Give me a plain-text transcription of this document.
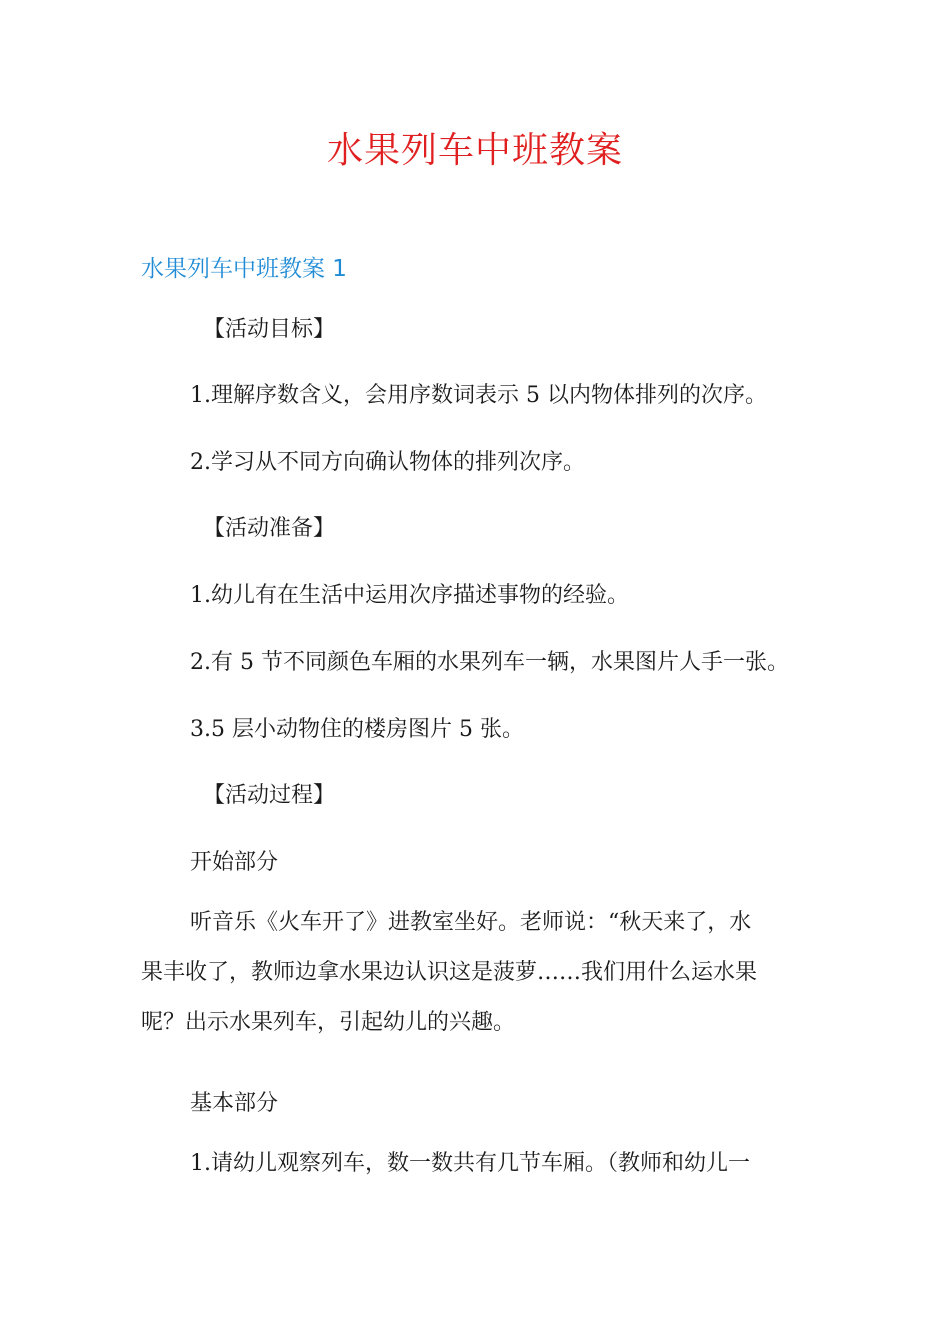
水果列车中班教案
水果列车中班教案 1

【活动目标】

1.理解序数含义，会用序数词表示 5 以内物体排列的次序。

2.学习从不同方向确认物体的排列次序。

【活动准备】

1.幼儿有在生活中运用次序描述事物的经验。

2.有 5 节不同颜色车厢的水果列车一辆，水果图片人手一张。

3.5 层小动物住的楼房图片 5 张。

【活动过程】

开始部分

听音乐《火车开了》进教室坐好。老师说：“秋天来了，水
果丰收了，教师边拿水果边认识这是菠萝……我们用什么运水果
呢？出示水果列车，引起幼儿的兴趣。

基本部分

1.请幼儿观察列车，数一数共有几节车厢。（教师和幼儿一
